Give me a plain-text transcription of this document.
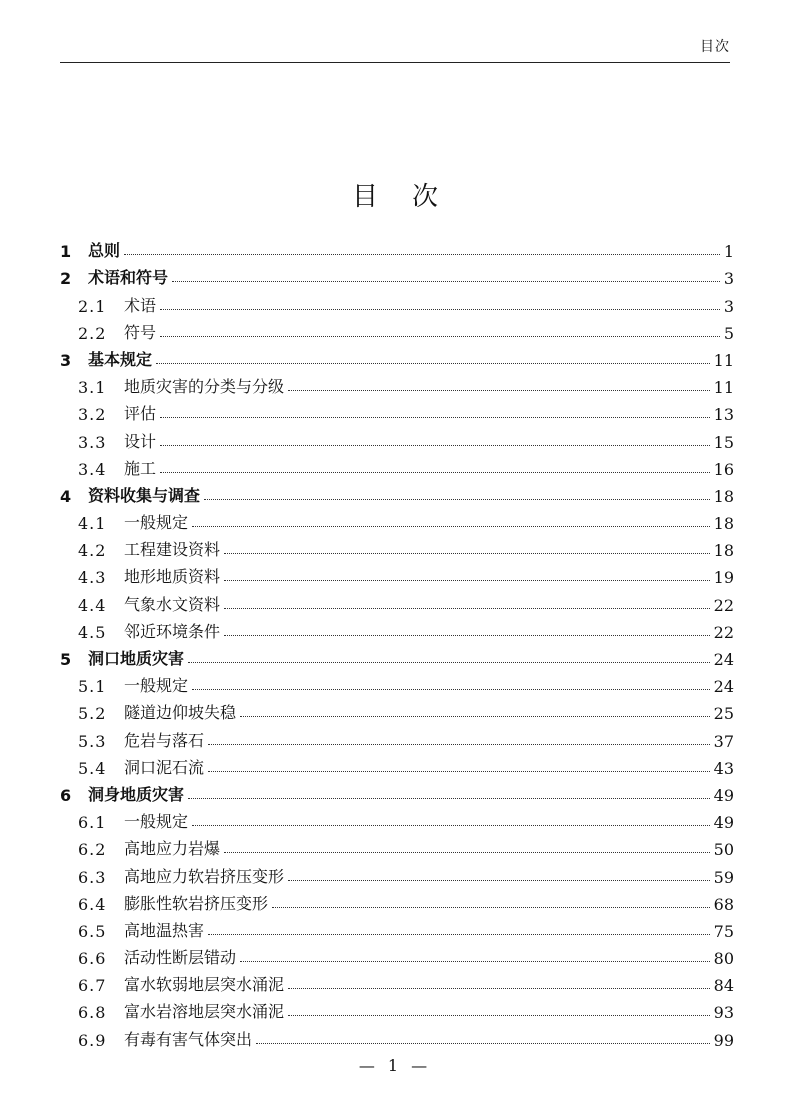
目次
目次
1	总则	1
2	术语和符号	3
2.1	术语	3
2.2	符号	5
3	基本规定	11
3.1	地质灾害的分类与分级	11
3.2	评估	13
3.3	设计	15
3.4	施工	16
4	资料收集与调查	18
4.1	一般规定	18
4.2	工程建设资料	18
4.3	地形地质资料	19
4.4	气象水文资料	22
4.5	邻近环境条件	22
5	洞口地质灾害	24
5.1	一般规定	24
5.2	隧道边仰坡失稳	25
5.3	危岩与落石	37
5.4	洞口泥石流	43
6	洞身地质灾害	49
6.1	一般规定	49
6.2	高地应力岩爆	50
6.3	高地应力软岩挤压变形	59
6.4	膨胀性软岩挤压变形	68
6.5	高地温热害	75
6.6	活动性断层错动	80
6.7	富水软弱地层突水涌泥	84
6.8	富水岩溶地层突水涌泥	93
6.9	有毒有害气体突出	99
— 1 —
